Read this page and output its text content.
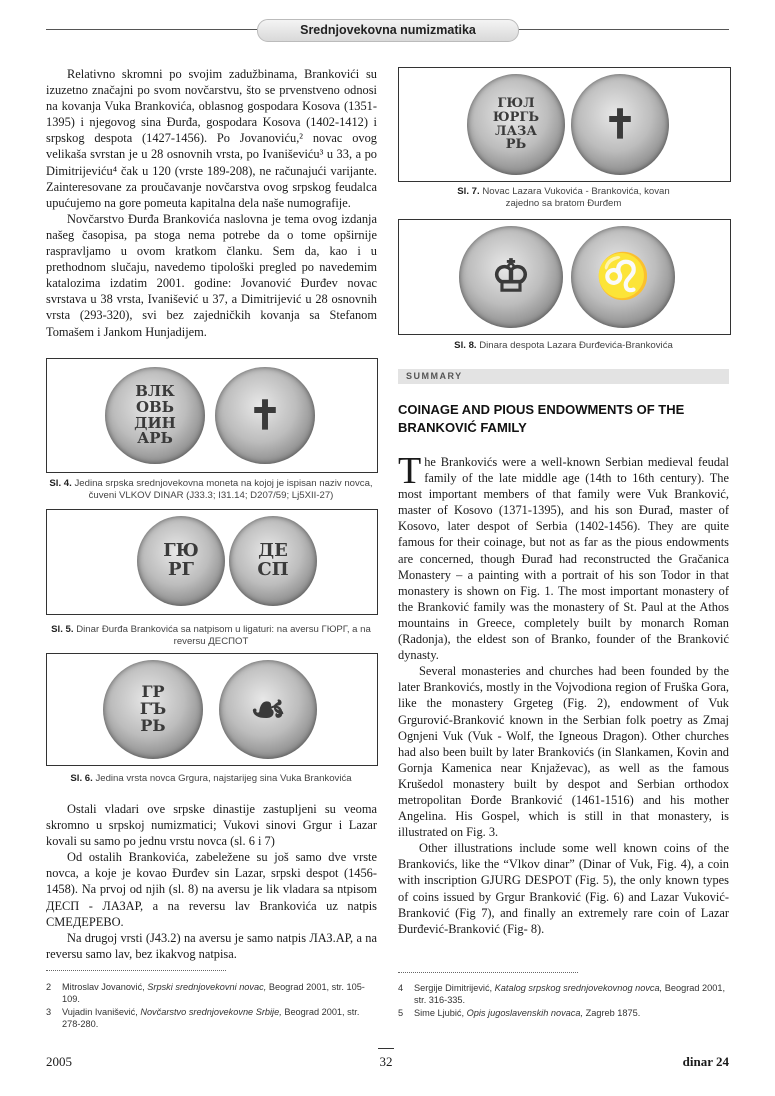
Srednjovekovna numizmatika

Relativno skromni po svojim zadužbinama, Brankovići su izuzetno značajni po svom novčarstvu, što se prvenstveno odnosi na kovanja Vuka Brankovića, oblasnog gospodara Kosova (1351-1395) i njegovog sina Đurđa, gospodara Kosova (1402-1412) i srpskog despota (1427-1456). Po Jovanoviću,² novac ovog velikaša svrstan je u 28 osnovnih vrsta, po Ivaniševiću³ u 33, a po Dimitrijeviću⁴ čak u 120 (vrste 189-208), ne računajući varijante. Zainteresovane za proučavanje novčarstva ovog srpskog feudalca upućujemo na gore pomeuta kapitalna dela naše numografije.

Novčarstvo Đurđa Brankovića naslovna je tema ovog izdanja našeg časopisa, pa stoga nema potrebe da o tome opširnije raspravljamo u ovom kratkom članku. Sem da, kao i u prethodnom slučaju, navedemo tipološki pregled po navedemim katalozima izdatim 2001. godine: Jovanović Đurđev novac svrstava u 38 vrsta, Ivanišević u 37, a Dimitrijević u 28 osnovnih vrsta (293-320), svi bez zajedničkih kovanja sa Stefanom Tomašem i Jankom Hunjadijem.

ВЛК
ОВЬ
ДИН
АРЬ	✝
Sl. 4. Jedina srpska srednjovekovna moneta na kojoj je ispisan naziv novca, čuveni VLKOV DINAR (J33.3; I31.14; D207/59; Lj5XII-27)
ГЮ
РГ
ДЕ
СП
Sl. 5. Dinar Đurđa Brankovića sa natpisom u ligaturi: na aversu ГЮРГ, a na reversu ДЕСПОТ
ГР
ГЪ
РЬ	☙
Sl. 6. Jedina vrsta novca Grgura, najstarijeg sina Vuka Brankovića

Ostali vladari ove srpske dinastije zastupljeni su veoma skromno u srpskoj numizmatici; Vukovi sinovi Grgur i Lazar kovali su samo po jednu vrstu novca (sl. 6 i 7)

Od ostalih Brankovića, zabeležene su još samo dve vrste novca, a koje je kovao Đurđev sin Lazar, srpski despot (1456-1458). Na prvoj od njih (sl. 8) na aversu je lik vladara sa ntpisom ДЕСП - ЛАЗАР, a na reversu lav Brankovića uz natpis СМЕДЕРЕВО.

Na drugoj vrsti (J43.2) na aversu je samo natpis ЛАЗ.АР, a na reversu samo lav, bez ikakvog natpisa.

2	Mitroslav Jovanović, Srpski srednjovekovni novac, Beograd 2001, str. 105-109.
3	Vujadin Ivanišević, Novčarstvo srednjovekovne Srbije, Beograd 2001, str. 278-280.
ГЮЛ
ЮРГЬ
ЛАЗА
РЬ	✝
Sl. 7. Novac Lazara Vukovića - Brankovića, kovan zajedno sa bratom Đurđem
♔	♌
Sl. 8. Dinara despota Lazara Đurđevića-Brankovića
SUMMARY
COINAGE AND PIOUS ENDOWMENTS OF THE BRANKOVIĆ FAMILY

The Brankovićs were a well-known Serbian medieval feudal family of the late middle age (14th to 16th century). The most important members of that family were Vuk Branković, master of Kosovo (1371-1395), and his son Đurađ, master of Kosovo, later despot of Serbia (1402-1456). They are quite famous for their coinage, but not as far as the pious endowments are concerned, though Đurađ had reconstructed the Gračanica Monastery – a painting with a portrait of his son Todor in that monastery is shown on Fig. 1. The most important monastery of the Branković family was the monastery of St. Paul at the Athos mountains in Greece, completely built by monarch Roman (Radonja), the eldest son of Branko, founder of the Branković dynasty.

Several monasteries and churches had been founded by the later Brankovićs, mostly in the Vojvodiona region of Fruška Gora, like the monastery Grgeteg (Fig. 2), endowment of Vuk Grgurović-Branković known in the Serbian folk poetry as Zmaj Ognjeni Vuk (Vuk - Wolf, the Igneous Dragon). Other churches had also been built by later Brankovićs (in Slankamen, Kovin and Gornja Kamenica near Knjaževac), as well as the famous Krušedol monastery built by despot and Serbian orthodox metropolitan Đorđe Branković (1461-1516) and his mother Angelina. His Gospel, which is still in that monastery, is illustrated on Fig. 3.

Other illustrations include some well known coins of the Brankovićs, like the “Vlkov dinar” (Dinar of Vuk, Fig. 4), a coin with inscription GJURG DESPOT (Fig. 5), the only known types of coins issued by Grgur Branković (Fig. 6) and Lazar Vuković-Branković (Fig 7), and finally an extremely rare coin of Lazar Đurđević-Branković (Fig- 8).

4	Sergije Dimitrijević, Katalog srpskog srednjovekovnog novca, Beograd 2001, str. 316-335.
5	Sime Ljubić, Opis jugoslavenskih novaca, Zagreb 1875.
2005	32	dinar 24
